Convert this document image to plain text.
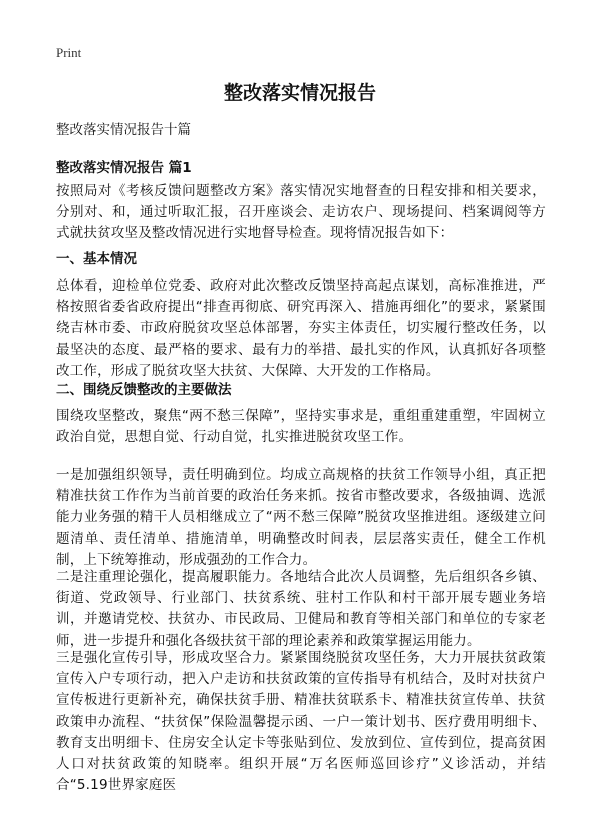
Print
整改落实情况报告

整改落实情况报告十篇

整改落实情况报告 篇1

按照局对《考核反馈问题整改方案》落实情况实地督查的日程安排和相关要求，分别对、和，通过听取汇报，召开座谈会、走访农户、现场提问、档案调阅等方式就扶贫攻坚及整改情况进行实地督导检查。现将情况报告如下：

一、基本情况

总体看，迎检单位党委、政府对此次整改反馈坚持高起点谋划，高标准推进，严格按照省委省政府提出“排查再彻底、研究再深入、措施再细化”的要求，紧紧围绕吉林市委、市政府脱贫攻坚总体部署，夯实主体责任，切实履行整改任务，以最坚决的态度、最严格的要求、最有力的举措、最扎实的作风，认真抓好各项整改工作，形成了脱贫攻坚大扶贫、大保障、大开发的工作格局。

二、围绕反馈整改的主要做法

围绕攻坚整改，聚焦“两不愁三保障”，坚持实事求是，重组重建重塑，牢固树立政治自觉，思想自觉、行动自觉，扎实推进脱贫攻坚工作。

一是加强组织领导，责任明确到位。均成立高规格的扶贫工作领导小组，真正把精准扶贫工作作为当前首要的政治任务来抓。按省市整改要求，各级抽调、选派能力业务强的精干人员相继成立了“两不愁三保障”脱贫攻坚推进组。逐级建立问题清单、责任清单、措施清单，明确整改时间表，层层落实责任，健全工作机制，上下统筹推动，形成强劲的工作合力。

二是注重理论强化，提高履职能力。各地结合此次人员调整，先后组织各乡镇、街道、党政领导、行业部门、扶贫系统、驻村工作队和村干部开展专题业务培训，并邀请党校、扶贫办、市民政局、卫健局和教育等相关部门和单位的专家老师，进一步提升和强化各级扶贫干部的理论素养和政策掌握运用能力。

三是强化宣传引导，形成攻坚合力。紧紧围绕脱贫攻坚任务，大力开展扶贫政策宣传入户专项行动，把入户走访和扶贫政策的宣传指导有机结合，及时对扶贫户宣传板进行更新补充，确保扶贫手册、精准扶贫联系卡、精准扶贫宣传单、扶贫政策申办流程、“扶贫保”保险温馨提示函、一户一策计划书、医疗费用明细卡、教育支出明细卡、住房安全认定卡等张贴到位、发放到位、宣传到位，提高贫困人口对扶贫政策的知晓率。组织开展“万名医师巡回诊疗”义诊活动，并结合“5.19世界家庭医
